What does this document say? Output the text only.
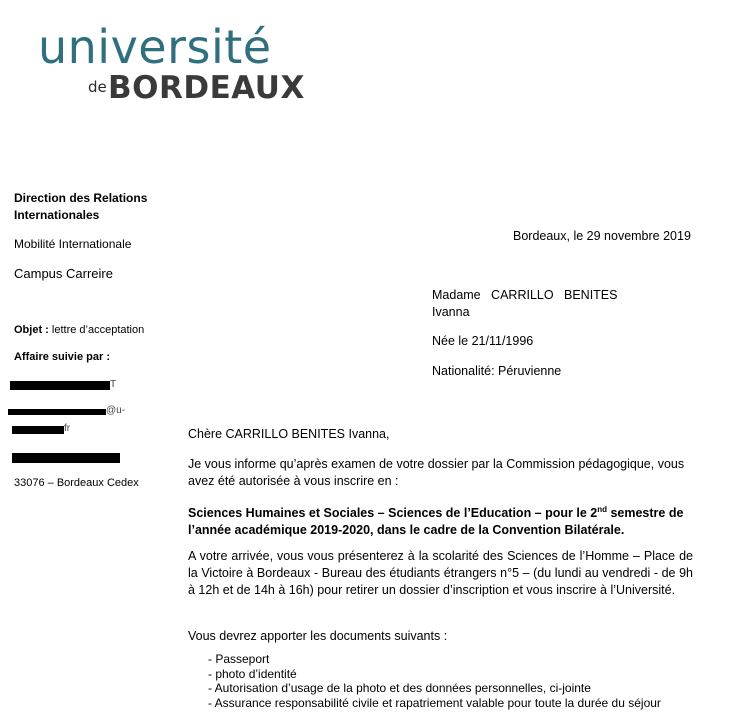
université
de BORDEAUX
Direction des Relations
Internationales
Mobilité Internationale
Campus Carreire
Objet : lettre d’acceptation
Affaire suivie par :
T
@u-
fr
33076 – Bordeaux Cedex
Bordeaux, le 29 novembre 2019
Madame   CARRILLO   BENITES
Ivanna
Née le 21/11/1996
Nationalité: Péruvienne
Chère CARRILLO BENITES Ivanna,
Je vous informe qu’après examen de votre dossier par la Commission pédagogique, vous avez été autorisée à vous inscrire en :
Sciences Humaines et Sociales – Sciences de l’Education – pour le 2nd semestre de l’année académique 2019-2020, dans le cadre de la Convention Bilatérale.
A votre arrivée, vous vous présenterez à la scolarité des Sciences de l’Homme – Place de la Victoire à Bordeaux - Bureau des étudiants étrangers n°5 – (du lundi au vendredi - de 9h à 12h et de 14h à 16h) pour retirer un dossier d’inscription et vous inscrire à l’Université.
Vous devrez apporter les documents suivants :
- Passeport
- photo d’identité
- Autorisation d’usage de la photo et des données personnelles, ci-jointe
- Assurance responsabilité civile et rapatriement valable pour toute la durée du séjour
